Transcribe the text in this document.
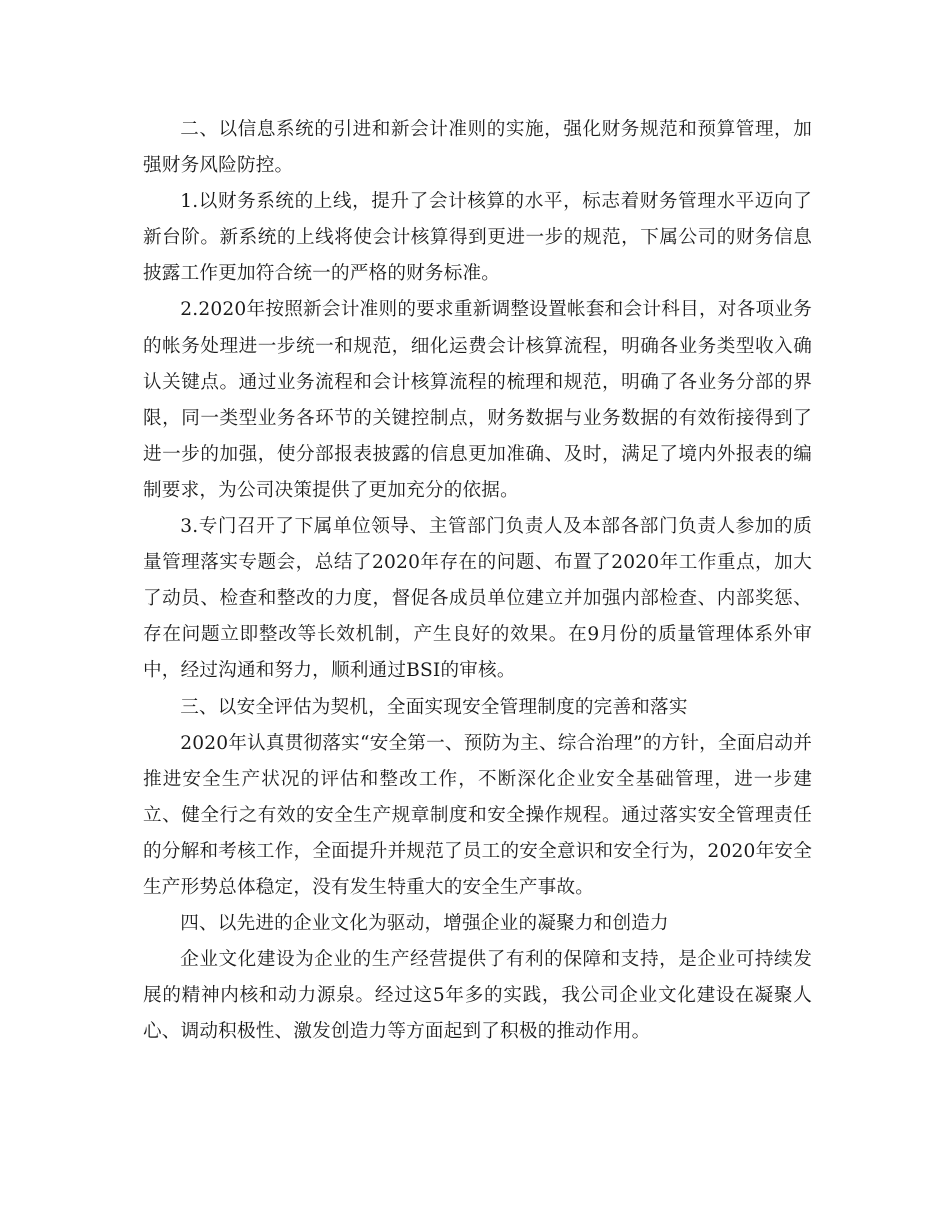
二、以信息系统的引进和新会计准则的实施，强化财务规范和预算管理，加强财务风险防控。

1.以财务系统的上线，提升了会计核算的水平，标志着财务管理水平迈向了新台阶。新系统的上线将使会计核算得到更进一步的规范，下属公司的财务信息披露工作更加符合统一的严格的财务标准。

2.2020年按照新会计准则的要求重新调整设置帐套和会计科目，对各项业务的帐务处理进一步统一和规范，细化运费会计核算流程，明确各业务类型收入确认关键点。通过业务流程和会计核算流程的梳理和规范，明确了各业务分部的界限，同一类型业务各环节的关键控制点，财务数据与业务数据的有效衔接得到了进一步的加强，使分部报表披露的信息更加准确、及时，满足了境内外报表的编制要求，为公司决策提供了更加充分的依据。

3.专门召开了下属单位领导、主管部门负责人及本部各部门负责人参加的质量管理落实专题会，总结了2020年存在的问题、布置了2020年工作重点，加大了动员、检查和整改的力度，督促各成员单位建立并加强内部检查、内部奖惩、存在问题立即整改等长效机制，产生良好的效果。在9月份的质量管理体系外审中，经过沟通和努力，顺利通过BSI的审核。

三、以安全评估为契机，全面实现安全管理制度的完善和落实

2020年认真贯彻落实“安全第一、预防为主、综合治理”的方针，全面启动并推进安全生产状况的评估和整改工作，不断深化企业安全基础管理，进一步建立、健全行之有效的安全生产规章制度和安全操作规程。通过落实安全管理责任的分解和考核工作，全面提升并规范了员工的安全意识和安全行为，2020年安全生产形势总体稳定，没有发生特重大的安全生产事故。

四、以先进的企业文化为驱动，增强企业的凝聚力和创造力

企业文化建设为企业的生产经营提供了有利的保障和支持，是企业可持续发展的精神内核和动力源泉。经过这5年多的实践，我公司企业文化建设在凝聚人心、调动积极性、激发创造力等方面起到了积极的推动作用。
